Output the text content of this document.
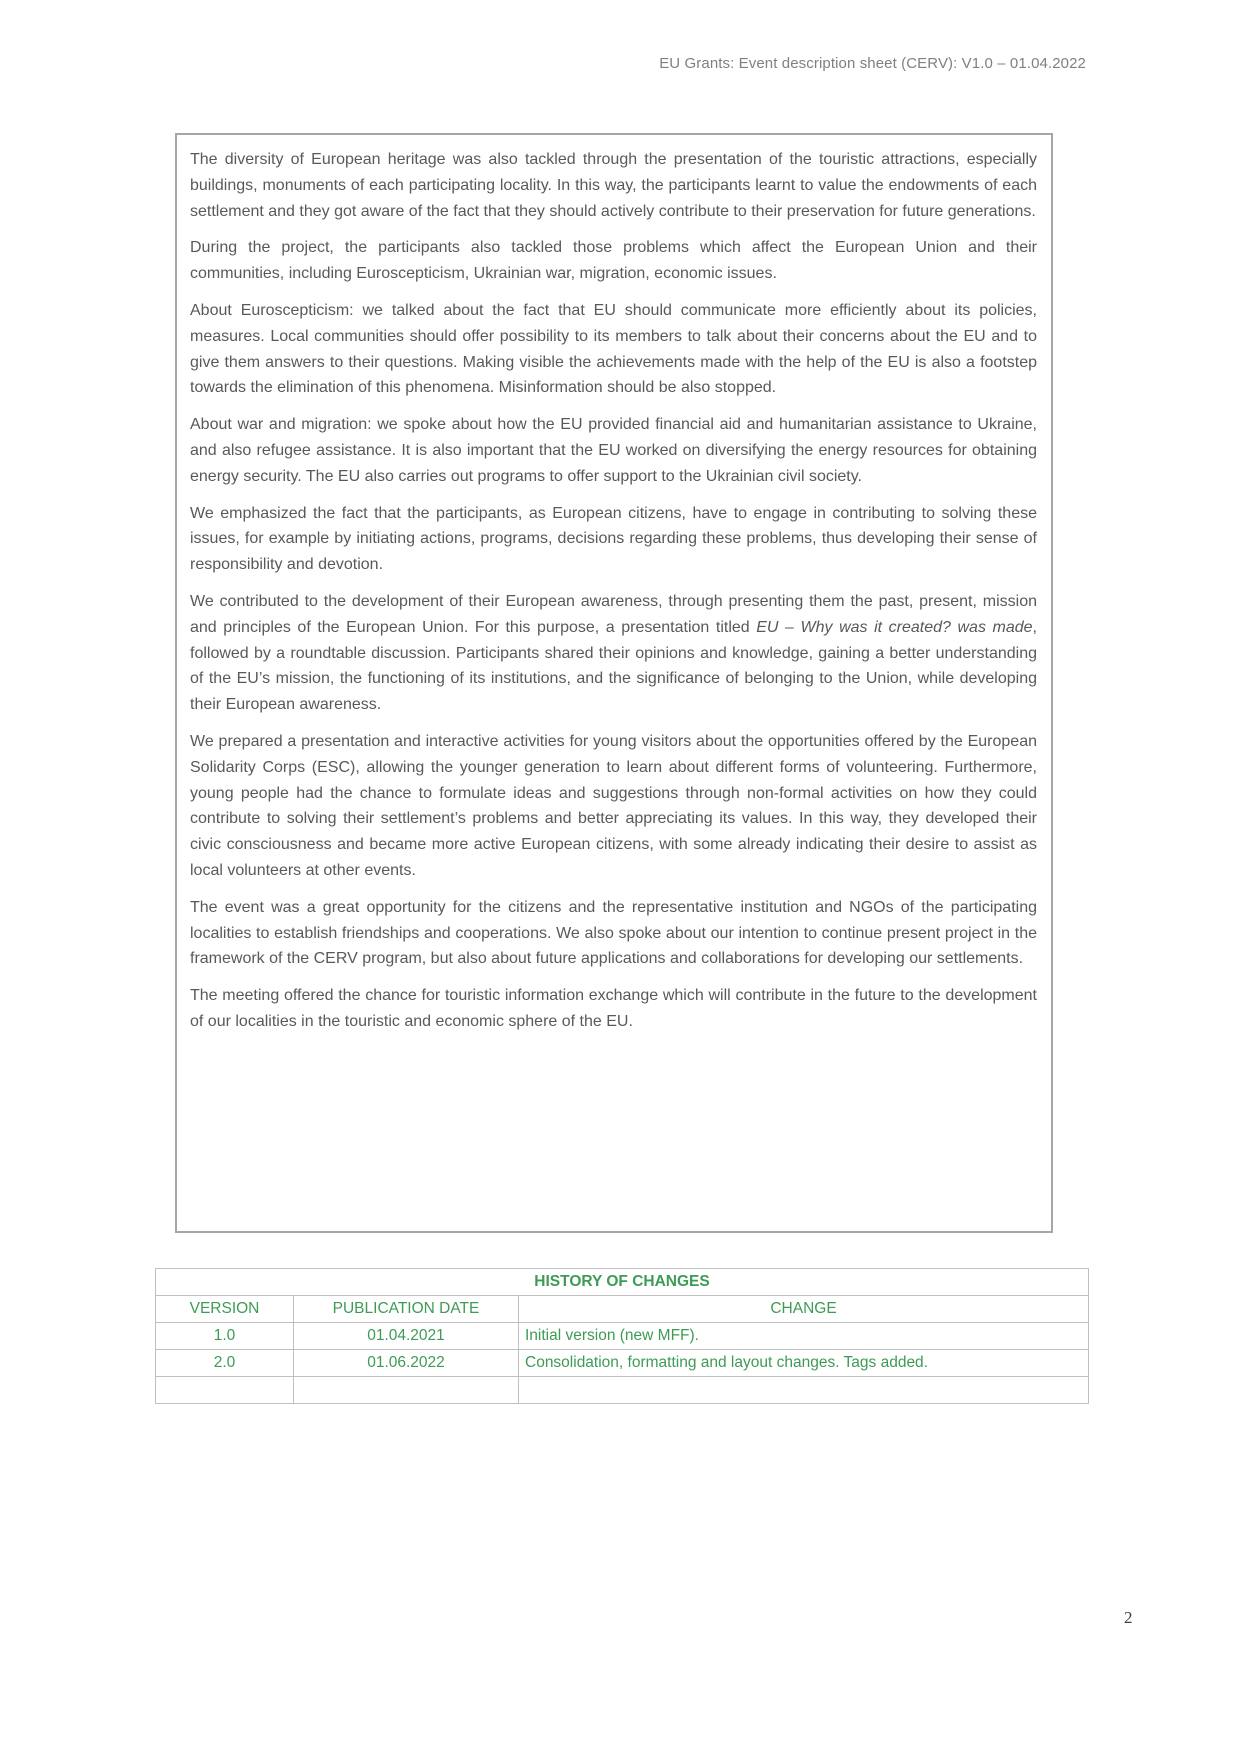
EU Grants: Event description sheet (CERV): V1.0 – 01.04.2022

The diversity of European heritage was also tackled through the presentation of the touristic attractions, especially buildings, monuments of each participating locality. In this way, the participants learnt to value the endowments of each settlement and they got aware of the fact that they should actively contribute to their preservation for future generations.

During the project, the participants also tackled those problems which affect the European Union and their communities, including Euroscepticism, Ukrainian war, migration, economic issues.

About Euroscepticism: we talked about the fact that EU should communicate more efficiently about its policies, measures. Local communities should offer possibility to its members to talk about their concerns about the EU and to give them answers to their questions. Making visible the achievements made with the help of the EU is also a footstep towards the elimination of this phenomena. Misinformation should be also stopped.

About war and migration: we spoke about how the EU provided financial aid and humanitarian assistance to Ukraine, and also refugee assistance. It is also important that the EU worked on diversifying the energy resources for obtaining energy security. The EU also carries out programs to offer support to the Ukrainian civil society.

We emphasized the fact that the participants, as European citizens, have to engage in contributing to solving these issues, for example by initiating actions, programs, decisions regarding these problems, thus developing their sense of responsibility and devotion.

We contributed to the development of their European awareness, through presenting them the past, present, mission and principles of the European Union. For this purpose, a presentation titled EU – Why was it created? was made, followed by a roundtable discussion. Participants shared their opinions and knowledge, gaining a better understanding of the EU’s mission, the functioning of its institutions, and the significance of belonging to the Union, while developing their European awareness.

We prepared a presentation and interactive activities for young visitors about the opportunities offered by the European Solidarity Corps (ESC), allowing the younger generation to learn about different forms of volunteering. Furthermore, young people had the chance to formulate ideas and suggestions through non-formal activities on how they could contribute to solving their settlement’s problems and better appreciating its values. In this way, they developed their civic consciousness and became more active European citizens, with some already indicating their desire to assist as local volunteers at other events.

The event was a great opportunity for the citizens and the representative institution and NGOs of the participating localities to establish friendships and cooperations. We also spoke about our intention to continue present project in the framework of the CERV program, but also about future applications and collaborations for developing our settlements.

The meeting offered the chance for touristic information exchange which will contribute in the future to the development of our localities in the touristic and economic sphere of the EU.

HISTORY OF CHANGES		
VERSION	PUBLICATION DATE	CHANGE
1.0	01.04.2021	Initial version (new MFF).
2.0	01.06.2022	Consolidation, formatting and layout changes. Tags added.

2
